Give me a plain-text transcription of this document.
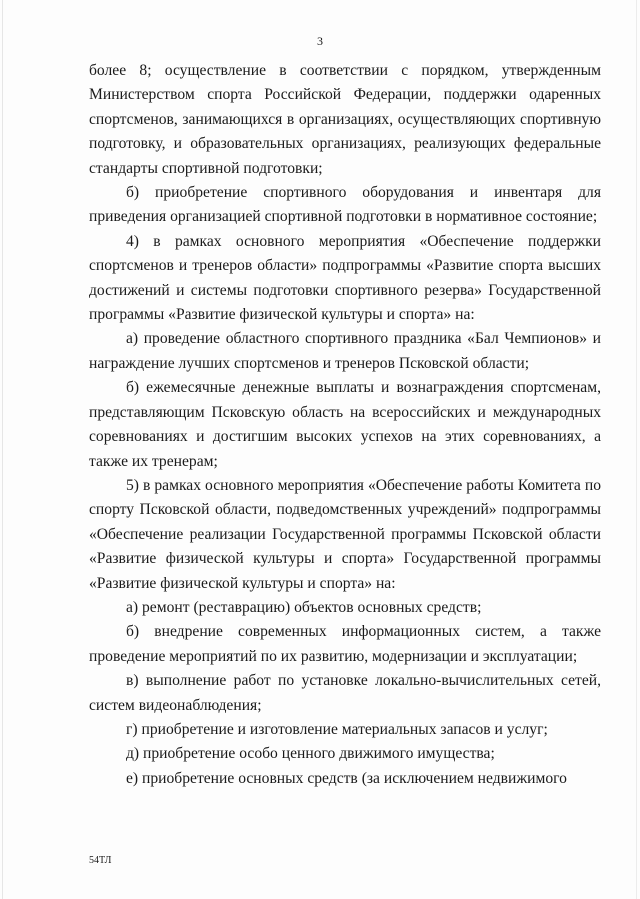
3

более 8; осуществление в соответствии с порядком, утвержденным Министерством спорта Российской Федерации, поддержки одаренных спортсменов, занимающихся в организациях, осуществляющих спортивную подготовку, и образовательных организациях, реализующих федеральные стандарты спортивной подготовки;

б) приобретение спортивного оборудования и инвентаря для приведения организацией спортивной подготовки в нормативное состояние;

4) в рамках основного мероприятия «Обеспечение поддержки спортсменов и тренеров области» подпрограммы «Развитие спорта высших достижений и системы подготовки спортивного резерва» Государственной программы «Развитие физической культуры и спорта» на:

а) проведение областного спортивного праздника «Бал Чемпионов» и награждение лучших спортсменов и тренеров Псковской области;

б) ежемесячные денежные выплаты и вознаграждения спортсменам, представляющим Псковскую область на всероссийских и международных соревнованиях и достигшим высоких успехов на этих соревнованиях, а также их тренерам;

5) в рамках основного мероприятия «Обеспечение работы Комитета по спорту Псковской области, подведомственных учреждений» подпрограммы «Обеспечение реализации Государственной программы Псковской области «Развитие физической культуры и спорта» Государственной программы «Развитие физической культуры и спорта» на:

а) ремонт (реставрацию) объектов основных средств;

б) внедрение современных информационных систем, а также проведение мероприятий по их развитию, модернизации и эксплуатации;

в) выполнение работ по установке локально-вычислительных сетей, систем видеонаблюдения;

г) приобретение и изготовление материальных запасов и услуг;

д) приобретение особо ценного движимого имущества;

е) приобретение основных средств (за исключением недвижимого

54ТЛ
